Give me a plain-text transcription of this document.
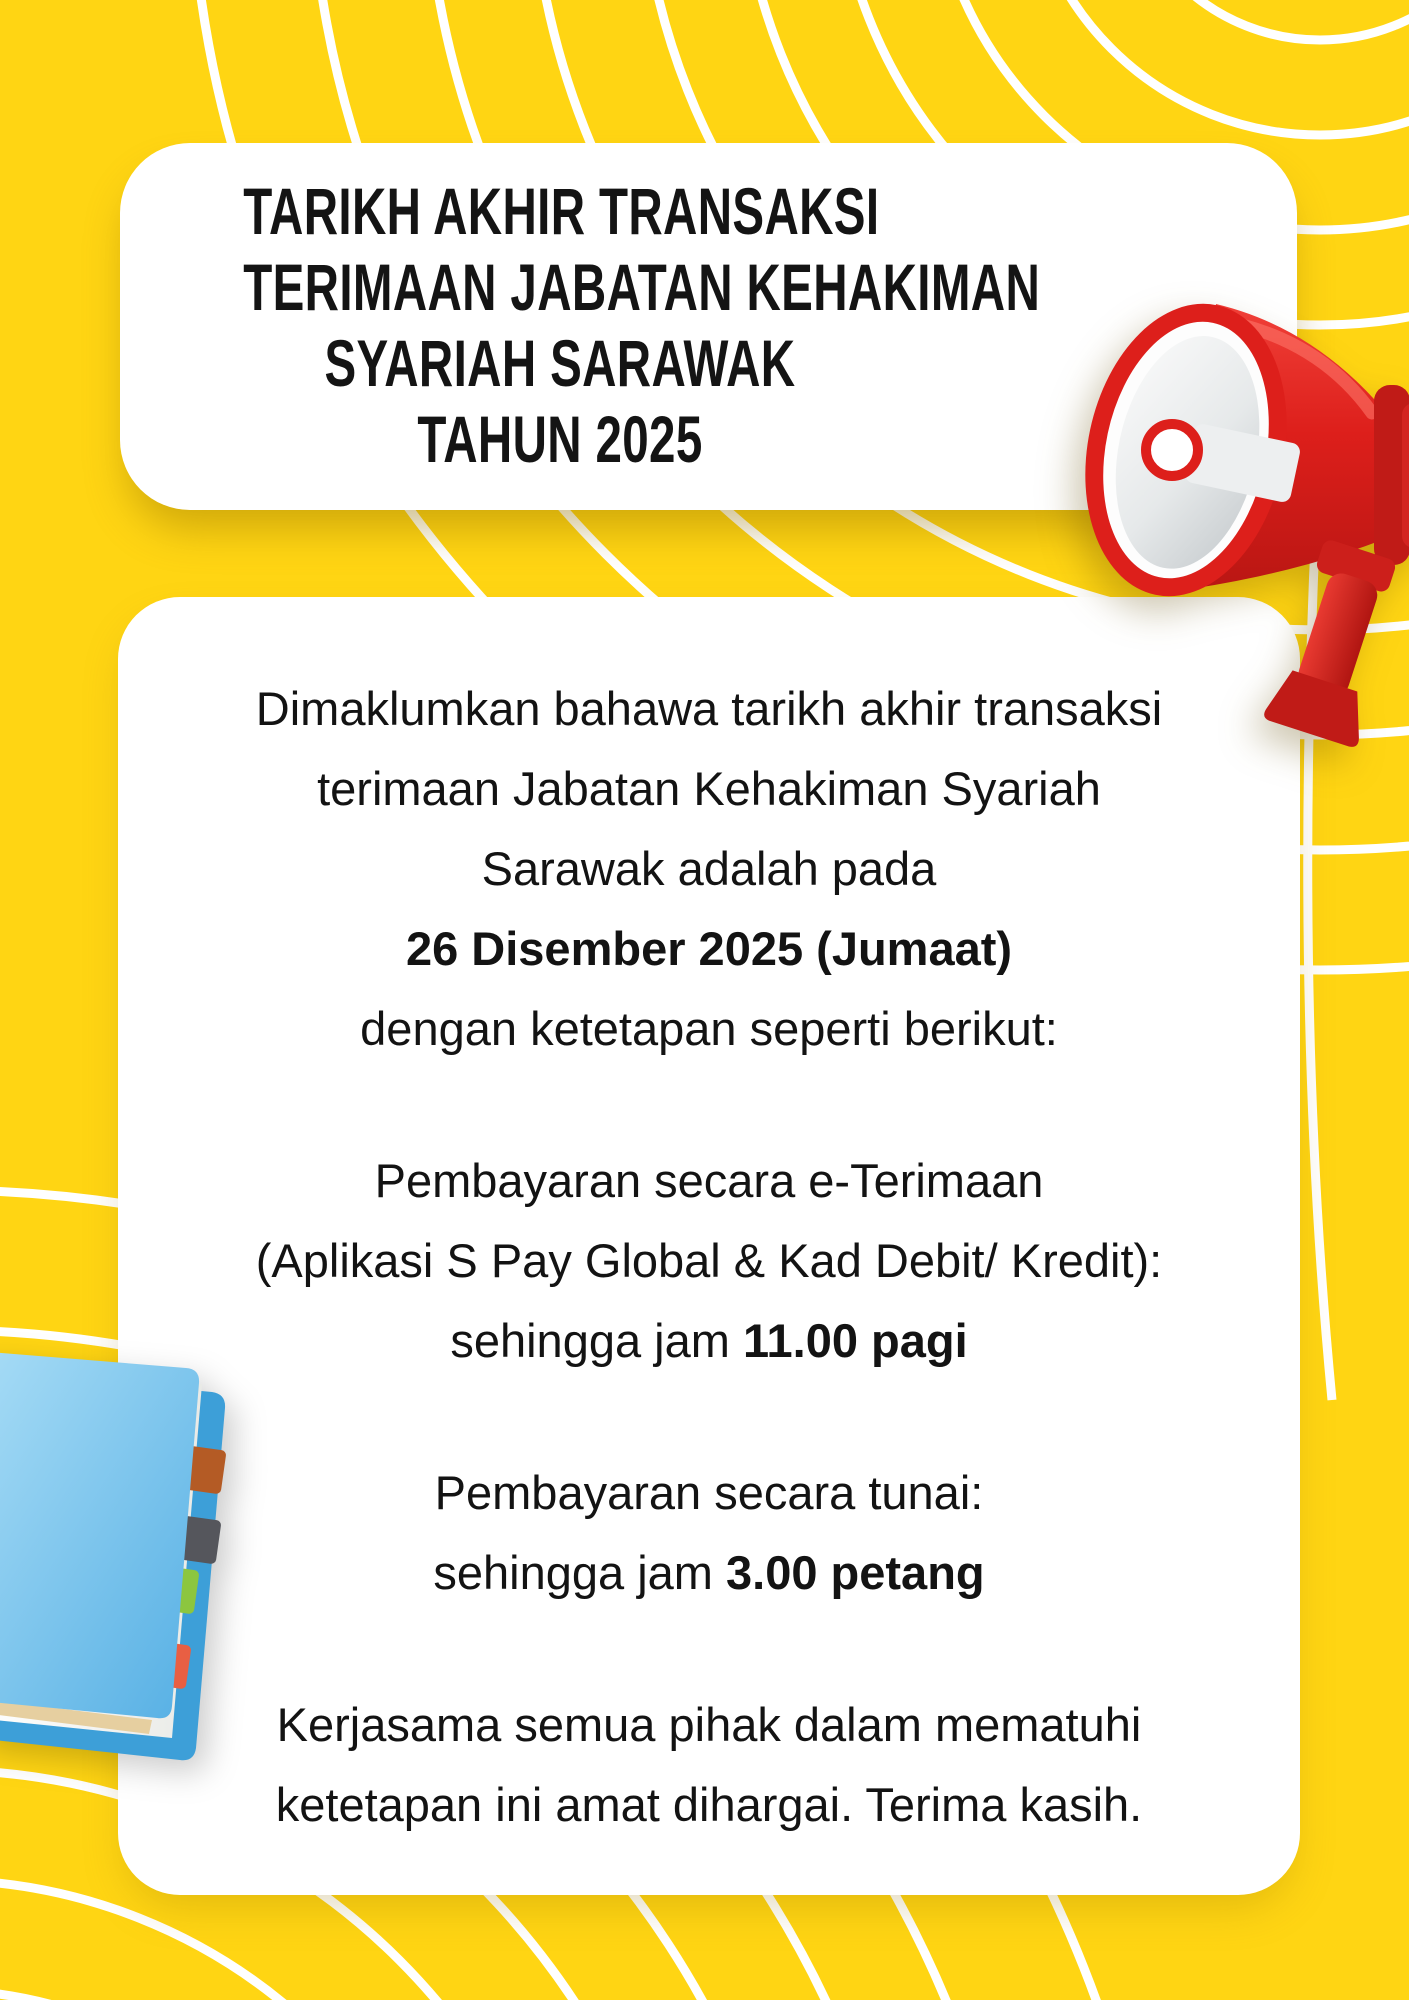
TARIKH AKHIR TRANSAKSI
TERIMAAN JABATAN KEHAKIMAN
SYARIAH SARAWAK
TAHUN 2025

Dimaklumkan bahawa tarikh akhir transaksi
terimaan Jabatan Kehakiman Syariah
Sarawak adalah pada
26 Disember 2025 (Jumaat)
dengan ketetapan seperti berikut:

Pembayaran secara e-Terimaan
(Aplikasi S Pay Global & Kad Debit/ Kredit):
sehingga jam 11.00 pagi

Pembayaran secara tunai:
sehingga jam 3.00 petang

Kerjasama semua pihak dalam mematuhi
ketetapan ini amat dihargai. Terima kasih.
